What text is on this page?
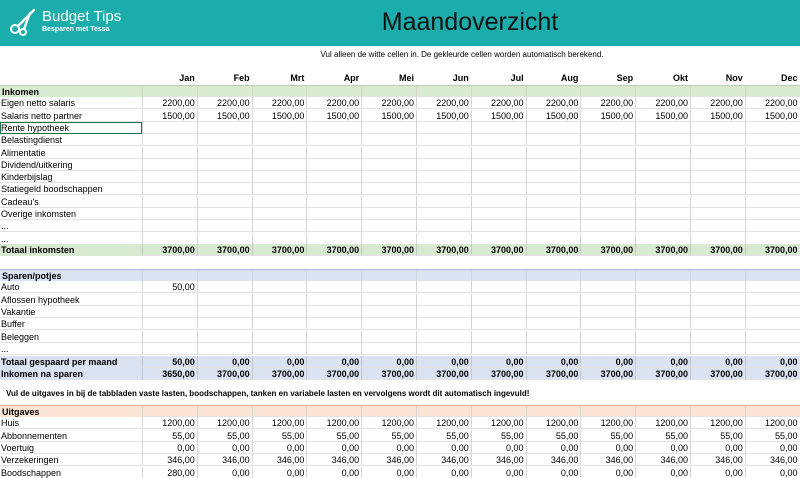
Budget Tips
Besparen met Tessa	Maandoverzicht
Vul alleen de witte cellen in. De gekleurde cellen worden automatisch berekend.
Vul de uitgaves in bij de tabbladen vaste lasten, boodschappen, tanken en variabele lasten en vervolgens wordt dit automatisch ingevuld!
Jan	Feb	Mrt	Apr	Mei	Jun	Jul	Aug	Sep	Okt	Nov	Dec
Inkomen
Eigen netto salaris	2200,00	2200,00	2200,00	2200,00	2200,00	2200,00	2200,00	2200,00	2200,00	2200,00	2200,00	2200,00
Salaris netto partner	1500,00	1500,00	1500,00	1500,00	1500,00	1500,00	1500,00	1500,00	1500,00	1500,00	1500,00	1500,00
Rente hypotheek
Belastingdienst
Alimentatie
Dividend/uitkering
Kinderbijslag
Statiegeld boodschappen
Cadeau's
Overige inkomsten
...
...
Totaal inkomsten	3700,00	3700,00	3700,00	3700,00	3700,00	3700,00	3700,00	3700,00	3700,00	3700,00	3700,00	3700,00
Sparen/potjes
Auto	50,00
Aflossen hypotheek
Vakantie
Buffer
Beleggen
...
Totaal gespaard per maand	50,00	0,00	0,00	0,00	0,00	0,00	0,00	0,00	0,00	0,00	0,00	0,00
Inkomen na sparen	3650,00	3700,00	3700,00	3700,00	3700,00	3700,00	3700,00	3700,00	3700,00	3700,00	3700,00	3700,00
Uitgaves
Huis	1200,00	1200,00	1200,00	1200,00	1200,00	1200,00	1200,00	1200,00	1200,00	1200,00	1200,00	1200,00
Abbonnementen	55,00	55,00	55,00	55,00	55,00	55,00	55,00	55,00	55,00	55,00	55,00	55,00
Voertuig	0,00	0,00	0,00	0,00	0,00	0,00	0,00	0,00	0,00	0,00	0,00	0,00
Verzekeringen	346,00	346,00	346,00	346,00	346,00	346,00	346,00	346,00	346,00	346,00	346,00	346,00
Boodschappen	280,00	0,00	0,00	0,00	0,00	0,00	0,00	0,00	0,00	0,00	0,00	0,00
